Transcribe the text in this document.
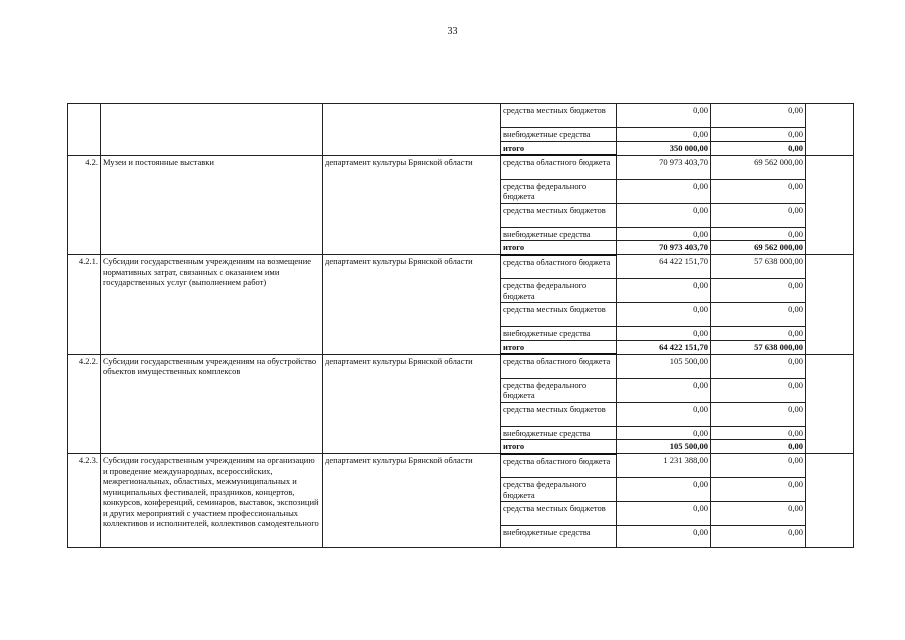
33
			средства местных бюджетов	0,00	0,00	
			внебюджетные средства	0,00	0,00	
			итого	350 000,00	0,00	
4.2.	Музеи и постоянные выставки	департамент культуры Брянской области	средства областного бюджета	70 973 403,70	69 562 000,00	
			средства федерального бюджета	0,00	0,00	
			средства местных бюджетов	0,00	0,00	
			внебюджетные средства	0,00	0,00	
			итого	70 973 403,70	69 562 000,00	
4.2.1.	Субсидии государственным учреждениям на возмещение нормативных затрат, связанных с оказанием ими государственных услуг (выполнением работ)	департамент культуры Брянской области	средства областного бюджета	64 422 151,70	57 638 000,00	
			средства федерального бюджета	0,00	0,00	
			средства местных бюджетов	0,00	0,00	
			внебюджетные средства	0,00	0,00	
			итого	64 422 151,70	57 638 000,00	
4.2.2.	Субсидии государственным учреждениям на обустройство объектов имущественных комплексов	департамент культуры Брянской области	средства областного бюджета	105 500,00	0,00	
			средства федерального бюджета	0,00	0,00	
			средства местных бюджетов	0,00	0,00	
			внебюджетные средства	0,00	0,00	
			итого	105 500,00	0,00	
4.2.3.	Субсидии государственным учреждениям на организацию и проведение международных, всероссийских, межрегиональных, областных, межмуниципальных и муниципальных фестивалей, праздников, концертов, конкурсов, конференций, семинаров, выставок, экспозиций и других мероприятий с участием профессиональных коллективов и исполнителей, коллективов самодеятельного	департамент культуры Брянской области	средства областного бюджета	1 231 388,00	0,00	
			средства федерального бюджета	0,00	0,00	
			средства местных бюджетов	0,00	0,00	
			внебюджетные средства	0,00	0,00	
